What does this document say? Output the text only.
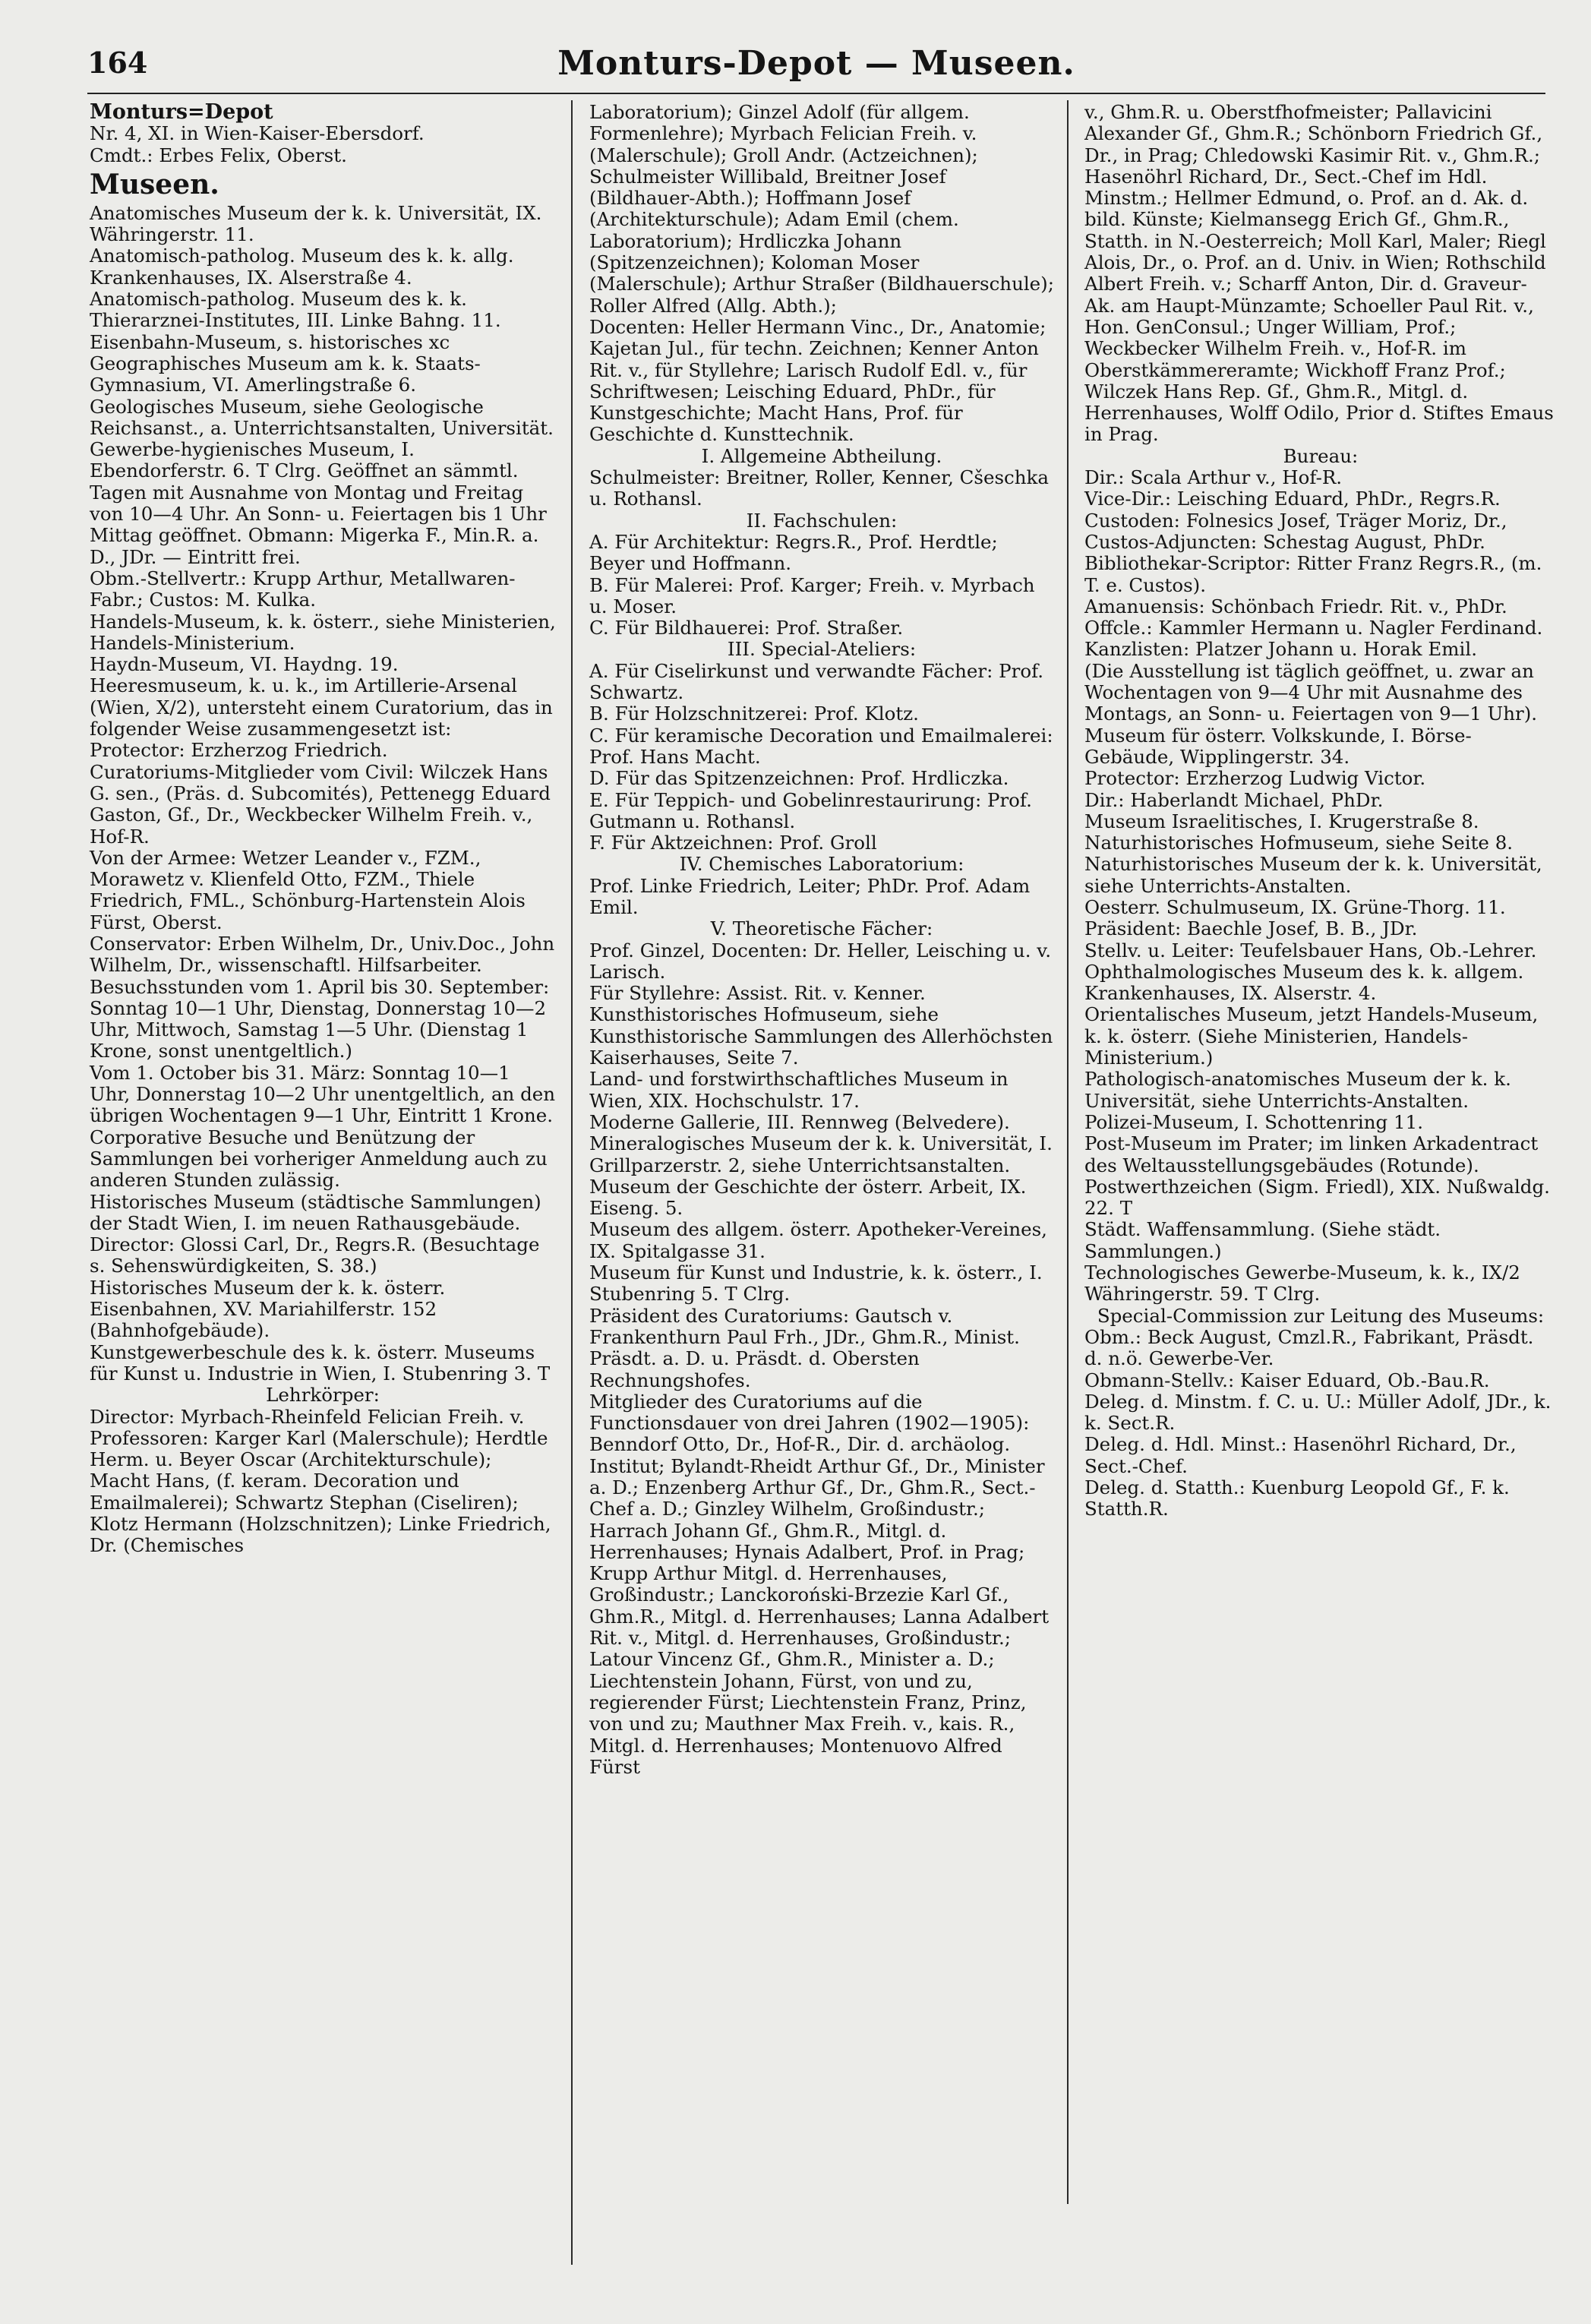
164	Monturs-Depot — Museen.
Monturs=Depot
Nr. 4, XI. in Wien-Kaiser-Ebersdorf.
Cmdt.: Erbes Felix, Oberst.
Museen.
Anatomisches Museum der k. k. Universität, IX. Währingerstr. 11.
Anatomisch-patholog. Museum des k. k. allg. Krankenhauses, IX. Alserstraße 4.
Anatomisch-patholog. Museum des k. k. Thierarznei-Institutes, III. Linke Bahng. 11.
Eisenbahn-Museum, s. historisches xc
Geographisches Museum am k. k. Staats-Gymnasium, VI. Amerlingstraße 6.
Geologisches Museum, siehe Geologische Reichsanst., a. Unterrichtsanstalten, Universität.
Gewerbe-hygienisches Museum, I. Ebendorferstr. 6. T Clrg. Geöffnet an sämmtl. Tagen mit Ausnahme von Montag und Freitag von 10—4 Uhr. An Sonn- u. Feiertagen bis 1 Uhr Mittag geöffnet. Obmann: Migerka F., Min.R. a. D., JDr. — Eintritt frei.
Obm.-Stellvertr.: Krupp Arthur, Metallwaren-Fabr.; Custos: M. Kulka.
Handels-Museum, k. k. österr., siehe Ministerien, Handels-Ministerium.
Haydn-Museum, VI. Haydng. 19.
Heeresmuseum, k. u. k., im Artillerie-Arsenal (Wien, X/2), untersteht einem Curatorium, das in folgender Weise zusammengesetzt ist:
Protector: Erzherzog Friedrich.
Curatoriums-Mitglieder vom Civil: Wilczek Hans G. sen., (Präs. d. Subcomités), Pettenegg Eduard Gaston, Gf., Dr., Weckbecker Wilhelm Freih. v., Hof-R.
Von der Armee: Wetzer Leander v., FZM., Morawetz v. Klienfeld Otto, FZM., Thiele Friedrich, FML., Schönburg-Hartenstein Alois Fürst, Oberst.
Conservator: Erben Wilhelm, Dr., Univ.Doc., John Wilhelm, Dr., wissenschaftl. Hilfsarbeiter.
Besuchsstunden vom 1. April bis 30. September: Sonntag 10—1 Uhr, Dienstag, Donnerstag 10—2 Uhr, Mittwoch, Samstag 1—5 Uhr. (Dienstag 1 Krone, sonst unentgeltlich.)
Vom 1. October bis 31. März: Sonntag 10—1 Uhr, Donnerstag 10—2 Uhr unentgeltlich, an den übrigen Wochentagen 9—1 Uhr, Eintritt 1 Krone. Corporative Besuche und Benützung der Sammlungen bei vorheriger Anmeldung auch zu anderen Stunden zulässig.
Historisches Museum (städtische Sammlungen) der Stadt Wien, I. im neuen Rathausgebäude.
Director: Glossi Carl, Dr., Regrs.R. (Besuchtage s. Sehenswürdigkeiten, S. 38.)
Historisches Museum der k. k. österr. Eisenbahnen, XV. Mariahilferstr. 152 (Bahnhofgebäude).
Kunstgewerbeschule des k. k. österr. Museums für Kunst u. Industrie in Wien, I. Stubenring 3. T
Lehrkörper:
Director: Myrbach-Rheinfeld Felician Freih. v.
Professoren: Karger Karl (Malerschule); Herdtle Herm. u. Beyer Oscar (Architekturschule); Macht Hans, (f. keram. Decoration und Emailmalerei); Schwartz Stephan (Ciseliren); Klotz Hermann (Holzschnitzen); Linke Friedrich, Dr. (Chemisches
Laboratorium); Ginzel Adolf (für allgem. Formenlehre); Myrbach Felician Freih. v. (Malerschule); Groll Andr. (Actzeichnen); Schulmeister Willibald, Breitner Josef (Bildhauer-Abth.); Hoffmann Josef (Architekturschule); Adam Emil (chem. Laboratorium); Hrdliczka Johann (Spitzenzeichnen); Koloman Moser (Malerschule); Arthur Straßer (Bildhauerschule); Roller Alfred (Allg. Abth.);
Docenten: Heller Hermann Vinc., Dr., Anatomie; Kajetan Jul., für techn. Zeichnen; Kenner Anton Rit. v., für Styllehre; Larisch Rudolf Edl. v., für Schriftwesen; Leisching Eduard, PhDr., für Kunstgeschichte; Macht Hans, Prof. für Geschichte d. Kunsttechnik.
I. Allgemeine Abtheilung.
Schulmeister: Breitner, Roller, Kenner, Cšeschka u. Rothansl.
II. Fachschulen:
A. Für Architektur: Regrs.R., Prof. Herdtle; Beyer und Hoffmann.
B. Für Malerei: Prof. Karger; Freih. v. Myrbach u. Moser.
C. Für Bildhauerei: Prof. Straßer.
III. Special-Ateliers:
A. Für Ciselirkunst und verwandte Fächer: Prof. Schwartz.
B. Für Holzschnitzerei: Prof. Klotz.
C. Für keramische Decoration und Emailmalerei: Prof. Hans Macht.
D. Für das Spitzenzeichnen: Prof. Hrdliczka.
E. Für Teppich- und Gobelinrestaurirung: Prof. Gutmann u. Rothansl.
F. Für Aktzeichnen: Prof. Groll
IV. Chemisches Laboratorium:
Prof. Linke Friedrich, Leiter; PhDr. Prof. Adam Emil.
V. Theoretische Fächer:
Prof. Ginzel, Docenten: Dr. Heller, Leisching u. v. Larisch.
Für Styllehre: Assist. Rit. v. Kenner.
Kunsthistorisches Hofmuseum, siehe Kunsthistorische Sammlungen des Allerhöchsten Kaiserhauses, Seite 7.
Land- und forstwirthschaftliches Museum in Wien, XIX. Hochschulstr. 17.
Moderne Gallerie, III. Rennweg (Belvedere).
Mineralogisches Museum der k. k. Universität, I. Grillparzerstr. 2, siehe Unterrichtsanstalten.
Museum der Geschichte der österr. Arbeit, IX. Eiseng. 5.
Museum des allgem. österr. Apotheker-Vereines, IX. Spitalgasse 31.
Museum für Kunst und Industrie, k. k. österr., I. Stubenring 5. T Clrg.
Präsident des Curatoriums: Gautsch v. Frankenthurn Paul Frh., JDr., Ghm.R., Minist. Präsdt. a. D. u. Präsdt. d. Obersten Rechnungshofes.
Mitglieder des Curatoriums auf die Functionsdauer von drei Jahren (1902—1905): Benndorf Otto, Dr., Hof-R., Dir. d. archäolog. Institut; Bylandt-Rheidt Arthur Gf., Dr., Minister a. D.; Enzenberg Arthur Gf., Dr., Ghm.R., Sect.-Chef a. D.; Ginzley Wilhelm, Großindustr.; Harrach Johann Gf., Ghm.R., Mitgl. d. Herrenhauses; Hynais Adalbert, Prof. in Prag; Krupp Arthur Mitgl. d. Herrenhauses, Großindustr.; Lanckoroński-Brzezie Karl Gf., Ghm.R., Mitgl. d. Herrenhauses; Lanna Adalbert Rit. v., Mitgl. d. Herrenhauses, Großindustr.; Latour Vincenz Gf., Ghm.R., Minister a. D.; Liechtenstein Johann, Fürst, von und zu, regierender Fürst; Liechtenstein Franz, Prinz, von und zu; Mauthner Max Freih. v., kais. R., Mitgl. d. Herrenhauses; Montenuovo Alfred Fürst
v., Ghm.R. u. Oberstfhofmeister; Pallavicini Alexander Gf., Ghm.R.; Schönborn Friedrich Gf., Dr., in Prag; Chledowski Kasimir Rit. v., Ghm.R.; Hasenöhrl Richard, Dr., Sect.-Chef im Hdl. Minstm.; Hellmer Edmund, o. Prof. an d. Ak. d. bild. Künste; Kielmansegg Erich Gf., Ghm.R., Statth. in N.-Oesterreich; Moll Karl, Maler; Riegl Alois, Dr., o. Prof. an d. Univ. in Wien; Rothschild Albert Freih. v.; Scharff Anton, Dir. d. Graveur-Ak. am Haupt-Münzamte; Schoeller Paul Rit. v., Hon. GenConsul.; Unger William, Prof.; Weckbecker Wilhelm Freih. v., Hof-R. im Oberstkämmereramte; Wickhoff Franz Prof.; Wilczek Hans Rep. Gf., Ghm.R., Mitgl. d. Herrenhauses, Wolff Odilo, Prior d. Stiftes Emaus in Prag.
Bureau:
Dir.: Scala Arthur v., Hof-R.
Vice-Dir.: Leisching Eduard, PhDr., Regrs.R.
Custoden: Folnesics Josef, Träger Moriz, Dr.,
Custos-Adjuncten: Schestag August, PhDr.
Bibliothekar-Scriptor: Ritter Franz Regrs.R., (m. T. e. Custos).
Amanuensis: Schönbach Friedr. Rit. v., PhDr.
Offcle.: Kammler Hermann u. Nagler Ferdinand.
Kanzlisten: Platzer Johann u. Horak Emil.
(Die Ausstellung ist täglich geöffnet, u. zwar an Wochentagen von 9—4 Uhr mit Ausnahme des Montags, an Sonn- u. Feiertagen von 9—1 Uhr).
Museum für österr. Volkskunde, I. Börse-Gebäude, Wipplingerstr. 34.
Protector: Erzherzog Ludwig Victor.
Dir.: Haberlandt Michael, PhDr.
Museum Israelitisches, I. Krugerstraße 8.
Naturhistorisches Hofmuseum, siehe Seite 8.
Naturhistorisches Museum der k. k. Universität, siehe Unterrichts-Anstalten.
Oesterr. Schulmuseum, IX. Grüne-Thorg. 11.
Präsident: Baechle Josef, B. B., JDr.
Stellv. u. Leiter: Teufelsbauer Hans, Ob.-Lehrer.
Ophthalmologisches Museum des k. k. allgem. Krankenhauses, IX. Alserstr. 4.
Orientalisches Museum, jetzt Handels-Museum, k. k. österr. (Siehe Ministerien, Handels-Ministerium.)
Pathologisch-anatomisches Museum der k. k. Universität, siehe Unterrichts-Anstalten.
Polizei-Museum, I. Schottenring 11.
Post-Museum im Prater; im linken Arkadentract des Weltausstellungsgebäudes (Rotunde).
Postwerthzeichen (Sigm. Friedl), XIX. Nußwaldg. 22. T
Städt. Waffensammlung. (Siehe städt. Sammlungen.)
Technologisches Gewerbe-Museum, k. k., IX/2 Währingerstr. 59. T Clrg.
Special-Commission zur Leitung des Museums:
Obm.: Beck August, Cmzl.R., Fabrikant, Präsdt. d. n.ö. Gewerbe-Ver.
Obmann-Stellv.: Kaiser Eduard, Ob.-Bau.R.
Deleg. d. Minstm. f. C. u. U.: Müller Adolf, JDr., k. k. Sect.R.
Deleg. d. Hdl. Minst.: Hasenöhrl Richard, Dr., Sect.-Chef.
Deleg. d. Statth.: Kuenburg Leopold Gf., F. k. Statth.R.
